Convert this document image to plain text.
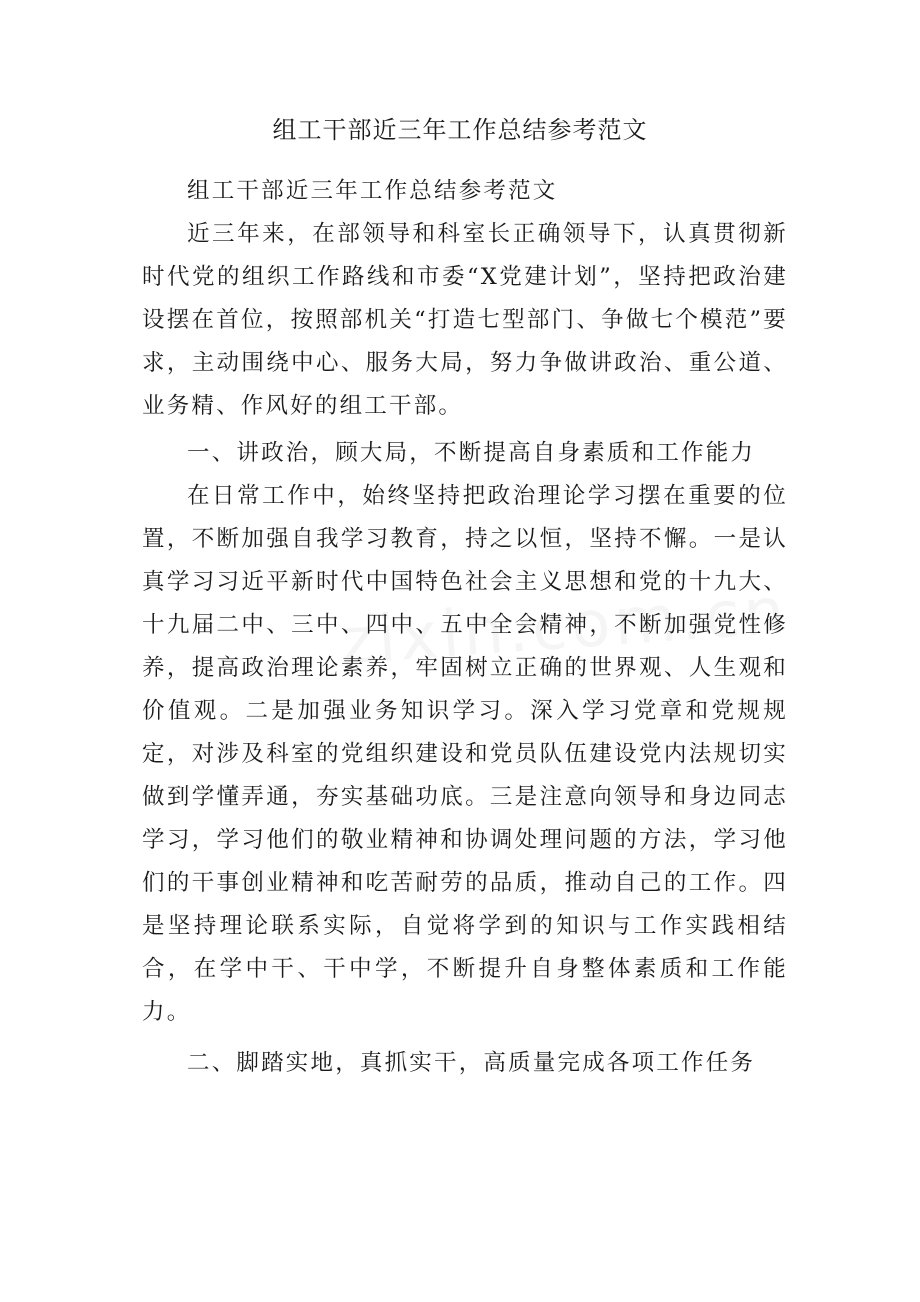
组工干部近三年工作总结参考范文

组工干部近三年工作总结参考范文

近三年来，在部领导和科室长正确领导下，认真贯彻新时代党的组织工作路线和市委“X党建计划”，坚持把政治建设摆在首位，按照部机关“打造七型部门、争做七个模范”要求，主动围绕中心、服务大局，努力争做讲政治、重公道、业务精、作风好的组工干部。

一、讲政治，顾大局，不断提高自身素质和工作能力

在日常工作中，始终坚持把政治理论学习摆在重要的位置，不断加强自我学习教育，持之以恒，坚持不懈。一是认真学习习近平新时代中国特色社会主义思想和党的十九大、十九届二中、三中、四中、五中全会精神，不断加强党性修养，提高政治理论素养，牢固树立正确的世界观、人生观和价值观。二是加强业务知识学习。深入学习党章和党规规定，对涉及科室的党组织建设和党员队伍建设党内法规切实做到学懂弄通，夯实基础功底。三是注意向领导和身边同志学习，学习他们的敬业精神和协调处理问题的方法，学习他们的干事创业精神和吃苦耐劳的品质，推动自己的工作。四是坚持理论联系实际，自觉将学到的知识与工作实践相结合，在学中干、干中学，不断提升自身整体素质和工作能力。

二、脚踏实地，真抓实干，高质量完成各项工作任务
